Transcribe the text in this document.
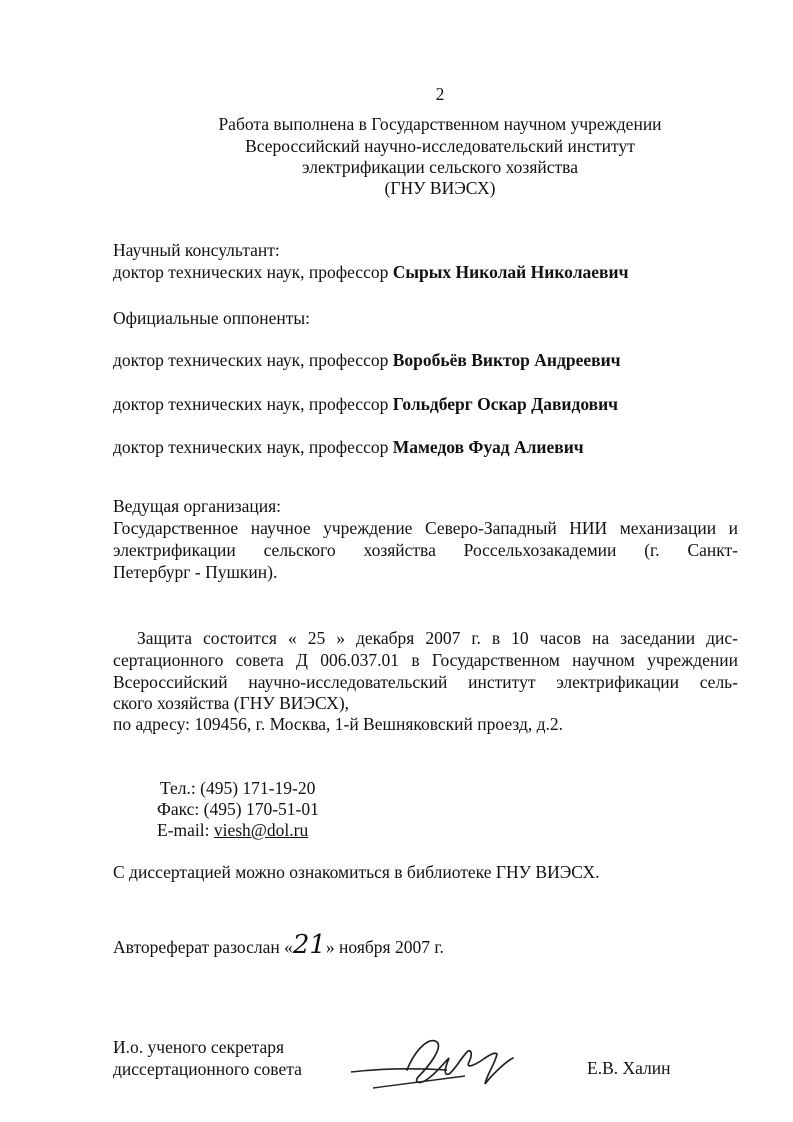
2
Работа выполнена в Государственном научном учреждении
Всероссийский научно-исследовательский институт
электрификации сельского хозяйства
(ГНУ ВИЭСХ)
Научный консультант:
доктор технических наук, профессор Сырых Николай Николаевич
Официальные оппоненты:
доктор технических наук, профессор Воробьёв Виктор Андреевич
доктор технических наук, профессор Гольдберг Оскар Давидович
доктор технических наук, профессор Мамедов Фуад Алиевич
Ведущая организация:
Государственное научное учреждение Северо-Западный НИИ механизации и
электрификации сельского хозяйства Россельхозакадемии (г. Санкт-
Петербург - Пушкин).
Защита состоится « 25 » декабря 2007 г. в 10 часов на заседании дис-
сертационного совета Д 006.037.01 в Государственном научном учреждении
Всероссийский научно-исследовательский институт электрификации сель-
ского хозяйства (ГНУ ВИЭСХ),
по адресу: 109456, г. Москва, 1-й Вешняковский проезд, д.2.
Тел.: (495) 171-19-20
Факс: (495) 170-51-01
E-mail: viesh@dol.ru
С диссертацией можно ознакомиться в библиотеке ГНУ ВИЭСХ.
Автореферат разослан «21» ноября 2007 г.
И.о. ученого секретаря
диссертационного совета	Е.В. Халин
